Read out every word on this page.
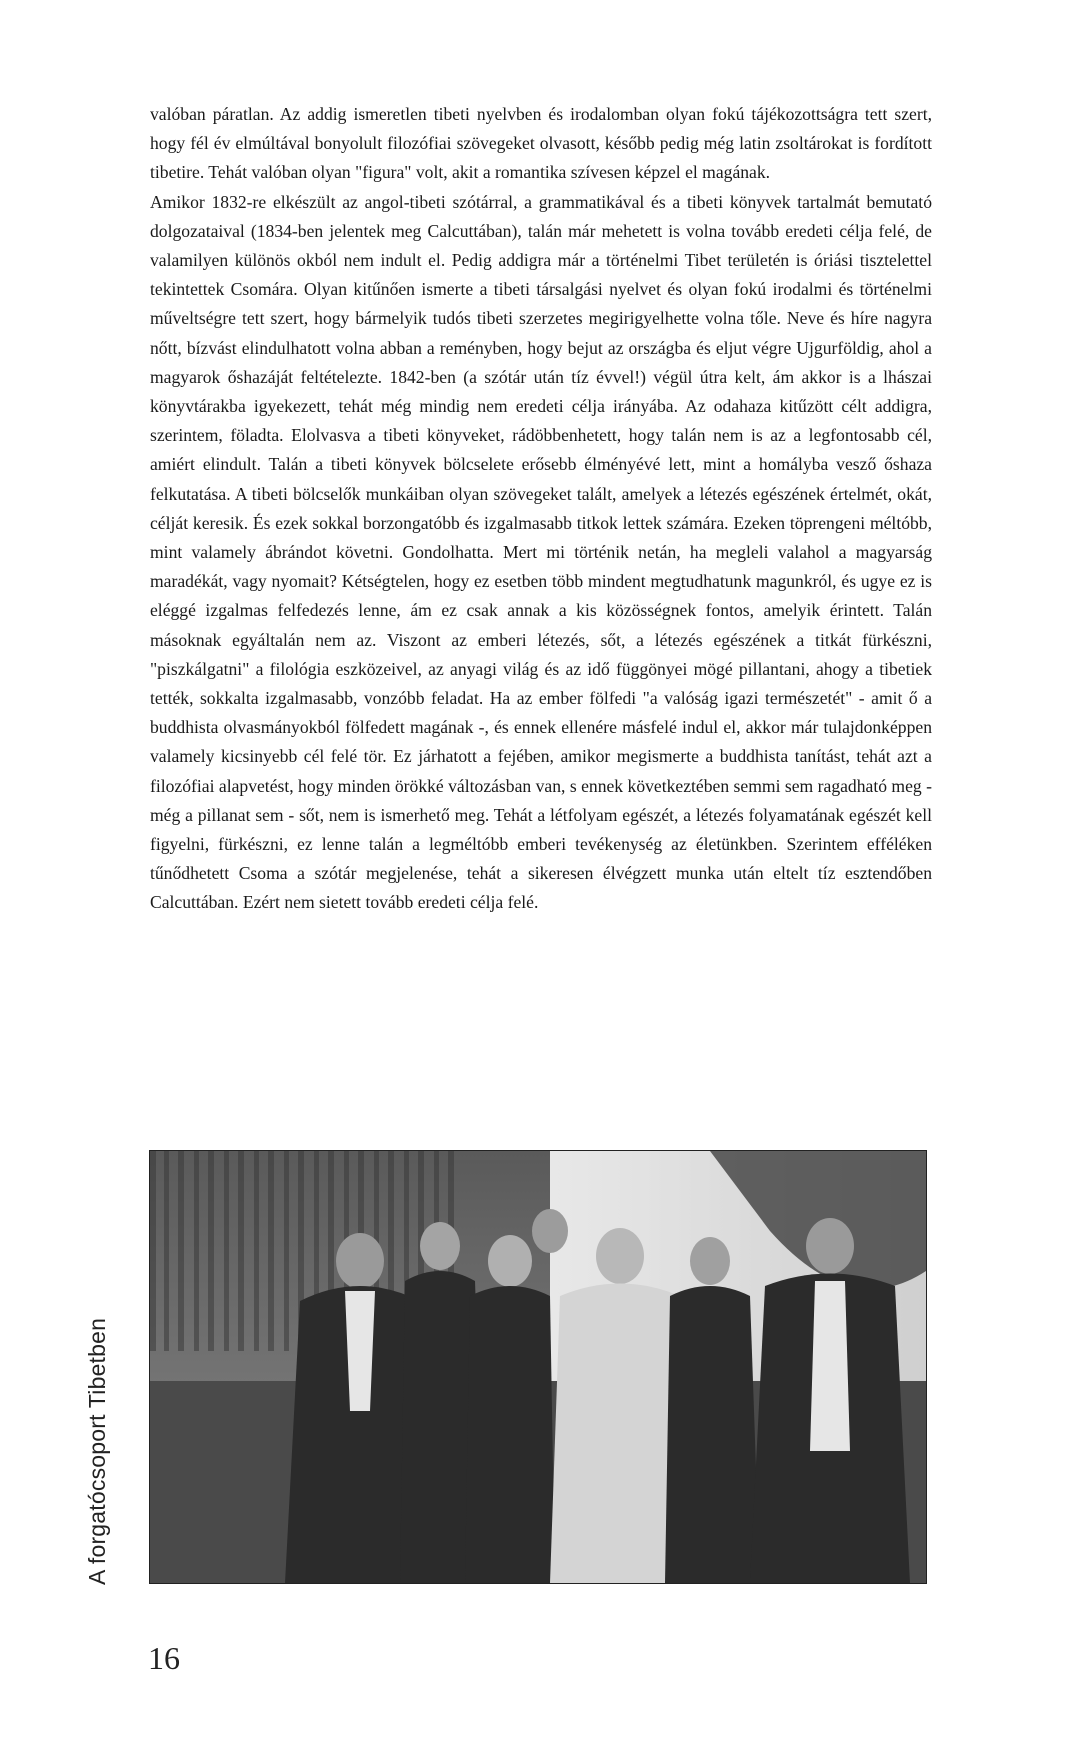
valóban páratlan. Az addig ismeretlen tibeti nyelvben és irodalomban olyan fokú tájékozottságra tett szert, hogy fél év elmúltával bonyolult filozófiai szövegeket olvasott, később pedig még latin zsoltárokat is fordított tibetire. Tehát valóban olyan "figura" volt, akit a romantika szívesen képzel el magának.

Amikor 1832-re elkészült az angol-tibeti szótárral, a grammatikával és a tibeti könyvek tartalmát bemutató dolgozataival (1834-ben jelentek meg Calcuttában), talán már mehetett is volna tovább eredeti célja felé, de valamilyen különös okból nem indult el. Pedig addigra már a történelmi Tibet területén is óriási tisztelettel tekintettek Csomára. Olyan kitűnően ismerte a tibeti társalgási nyelvet és olyan fokú irodalmi és történelmi műveltségre tett szert, hogy bármelyik tudós tibeti szerzetes megirigyelhette volna tőle. Neve és híre nagyra nőtt, bízvást elindulhatott volna abban a reményben, hogy bejut az országba és eljut végre Ujgurföldig, ahol a magyarok őshazáját feltételezte. 1842-ben (a szótár után tíz évvel!) végül útra kelt, ám akkor is a lhászai könyvtárakba igyekezett, tehát még mindig nem eredeti célja irányába. Az odahaza kitűzött célt addigra, szerintem, föladta. Elolvasva a tibeti könyveket, rádöbbenhetett, hogy talán nem is az a legfontosabb cél, amiért elindult. Talán a tibeti könyvek bölcselete erősebb élményévé lett, mint a homályba vesző őshaza felkutatása. A tibeti bölcselők munkáiban olyan szövegeket talált, amelyek a létezés egészének értelmét, okát, célját keresik. És ezek sokkal borzongatóbb és izgalmasabb titkok lettek számára. Ezeken töprengeni méltóbb, mint valamely ábrándot követni. Gondolhatta. Mert mi történik netán, ha megleli valahol a magyarság maradékát, vagy nyomait? Kétségtelen, hogy ez esetben több mindent megtudhatunk magunkról, és ugye ez is eléggé izgalmas felfedezés lenne, ám ez csak annak a kis közösségnek fontos, amelyik érintett. Talán másoknak egyáltalán nem az. Viszont az emberi létezés, sőt, a létezés egészének a titkát fürkészni, "piszkálgatni" a filológia eszközeivel, az anyagi világ és az idő függönyei mögé pillantani, ahogy a tibetiek tették, sokkalta izgalmasabb, vonzóbb feladat. Ha az ember fölfedi "a valóság igazi természetét" - amit ő a buddhista olvasmányokból fölfedett magának -, és ennek ellenére másfelé indul el, akkor már tulajdonképpen valamely kicsinyebb cél felé tör. Ez járhatott a fejében, amikor megismerte a buddhista tanítást, tehát azt a filozófiai alapvetést, hogy minden örökké változásban van, s ennek következtében semmi sem ragadható meg - még a pillanat sem - sőt, nem is ismerhető meg. Tehát a létfolyam egészét, a létezés folyamatának egészét kell figyelni, fürkészni, ez lenne talán a legméltóbb emberi tevékenység az életünkben. Szerintem efféléken tűnődhetett Csoma a szótár megjelenése, tehát a sikeresen élvégzett munka után eltelt tíz esztendőben Calcuttában. Ezért nem sietett tovább eredeti célja felé.

A forgatócsoport Tibetben
16
